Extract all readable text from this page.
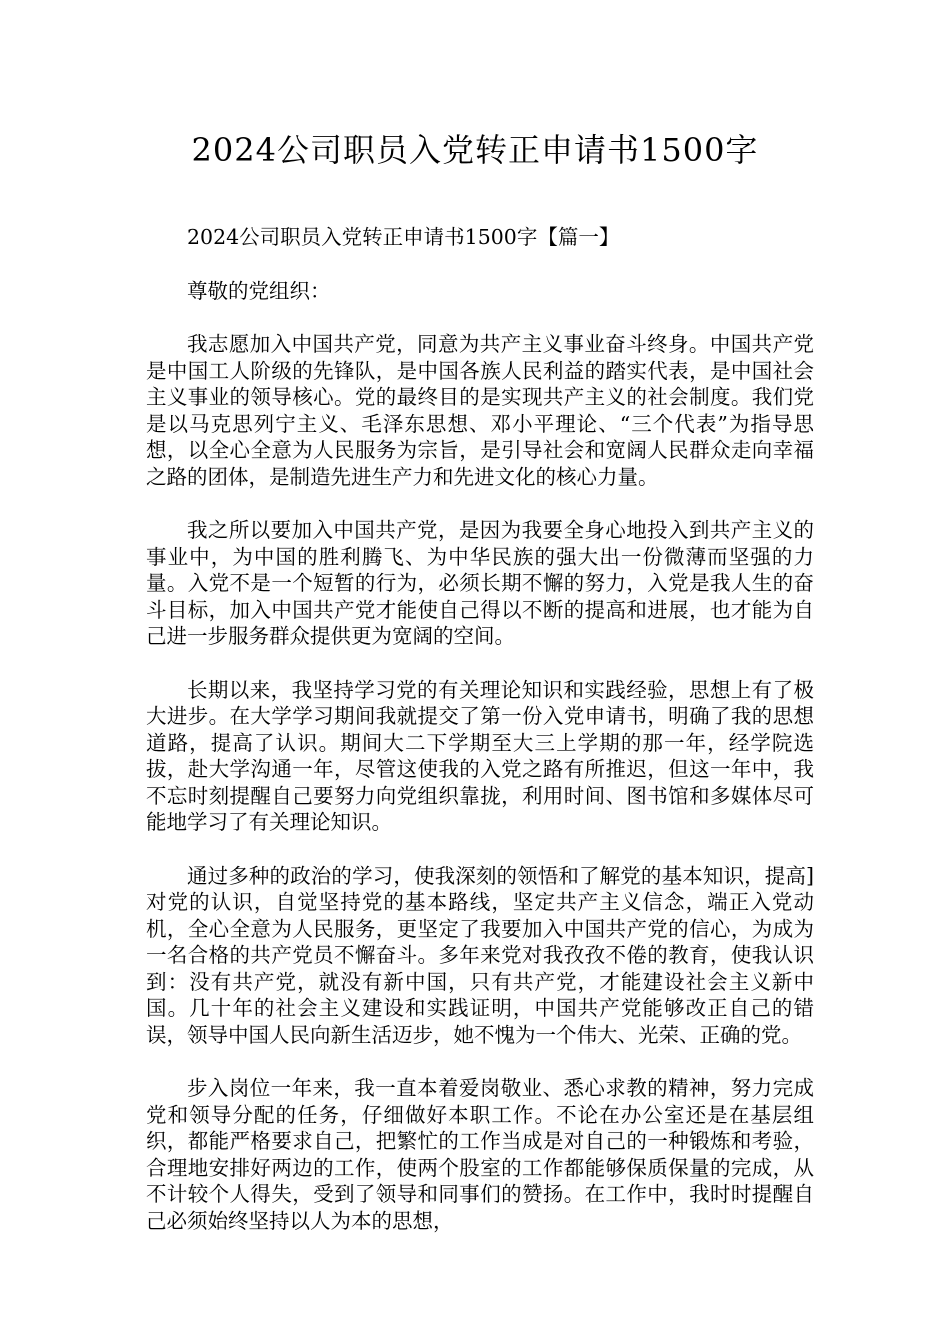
2024公司职员入党转正申请书1500字

2024公司职员入党转正申请书1500字【篇一】

尊敬的党组织：

我志愿加入中国共产党，同意为共产主义事业奋斗终身。中国共产党是中国工人阶级的先锋队，是中国各族人民利益的踏实代表，是中国社会主义事业的领导核心。党的最终目的是实现共产主义的社会制度。我们党是以马克思列宁主义、毛泽东思想、邓小平理论、“三个代表”为指导思想，以全心全意为人民服务为宗旨，是引导社会和宽阔人民群众走向幸福之路的团体，是制造先进生产力和先进文化的核心力量。

我之所以要加入中国共产党，是因为我要全身心地投入到共产主义的事业中，为中国的胜利腾飞、为中华民族的强大出一份微薄而坚强的力量。入党不是一个短暂的行为，必须长期不懈的努力，入党是我人生的奋斗目标，加入中国共产党才能使自己得以不断的提高和进展，也才能为自己进一步服务群众提供更为宽阔的空间。

长期以来，我坚持学习党的有关理论知识和实践经验，思想上有了极大进步。在大学学习期间我就提交了第一份入党申请书，明确了我的思想道路，提高了认识。期间大二下学期至大三上学期的那一年，经学院选拔，赴大学沟通一年，尽管这使我的入党之路有所推迟，但这一年中，我不忘时刻提醒自己要努力向党组织靠拢，利用时间、图书馆和多媒体尽可能地学习了有关理论知识。

通过多种的政治的学习，使我深刻的领悟和了解党的基本知识，提高]对党的认识，自觉坚持党的基本路线，坚定共产主义信念，端正入党动机，全心全意为人民服务，更坚定了我要加入中国共产党的信心，为成为一名合格的共产党员不懈奋斗。多年来党对我孜孜不倦的教育，使我认识到：没有共产党，就没有新中国，只有共产党，才能建设社会主义新中国。几十年的社会主义建设和实践证明，中国共产党能够改正自己的错误，领导中国人民向新生活迈步，她不愧为一个伟大、光荣、正确的党。

步入岗位一年来，我一直本着爱岗敬业、悉心求教的精神，努力完成党和领导分配的任务，仔细做好本职工作。不论在办公室还是在基层组织，都能严格要求自己，把繁忙的工作当成是对自己的一种锻炼和考验，合理地安排好两边的工作，使两个股室的工作都能够保质保量的完成，从不计较个人得失，受到了领导和同事们的赞扬。在工作中，我时时提醒自己必须始终坚持以人为本的思想，
